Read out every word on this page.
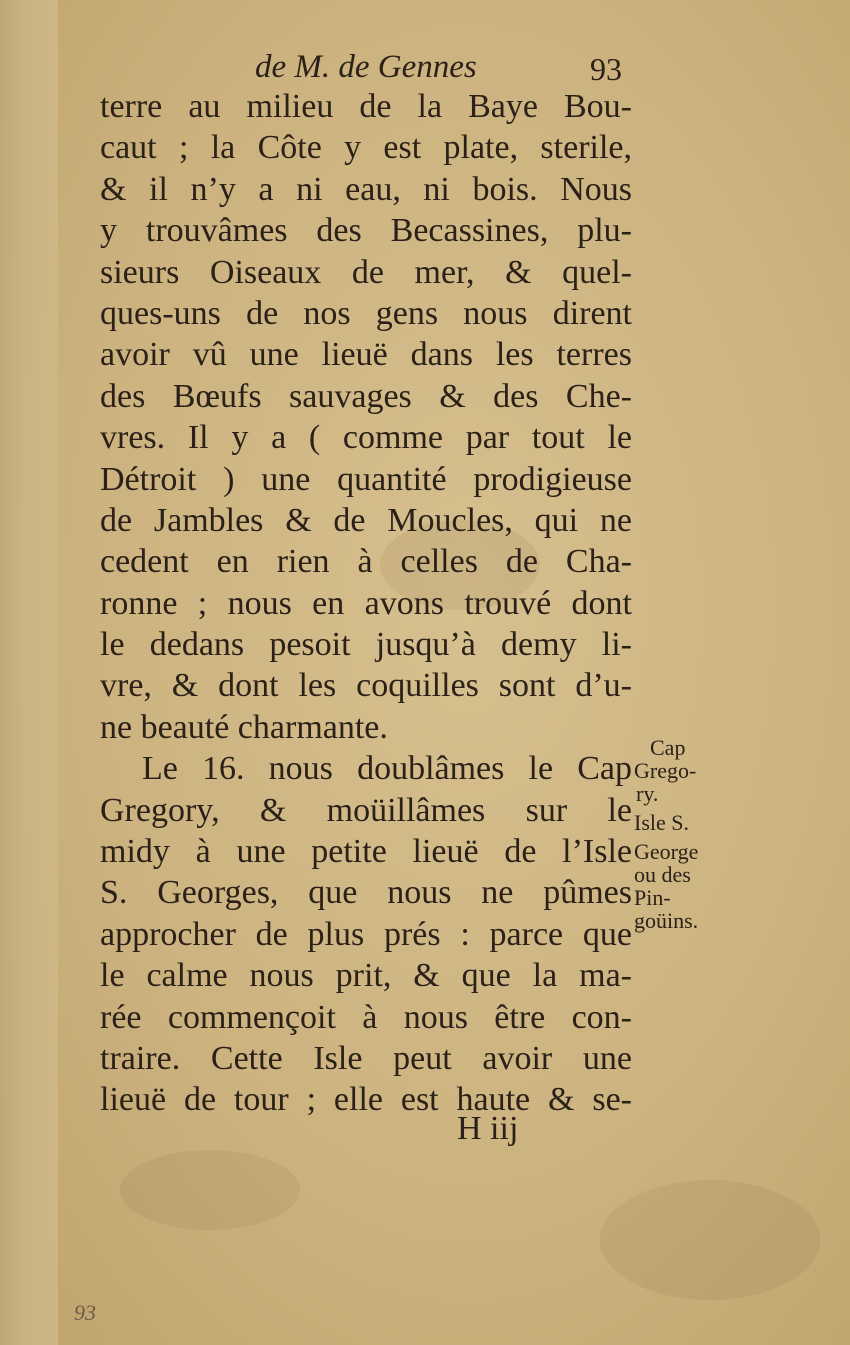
de M. de Gennes	93
terre au milieu de la Baye Bou-
caut ; la Côte y est plate, sterile,
& il n’y a ni eau, ni bois. Nous
y trouvâmes des Becassines, plu-
sieurs Oiseaux de mer, & quel-
ques-uns de nos gens nous dirent
avoir vû une lieuë dans les terres
des Bœufs sauvages & des Che-
vres. Il y a ( comme par tout le
Détroit ) une quantité prodigieuse
de Jambles & de Moucles, qui ne
cedent en rien à celles de Cha-
ronne ; nous en avons trouvé dont
le dedans pesoit jusqu’à demy li-
vre, & dont les coquilles sont d’u-
ne beauté charmante.
Le 16. nous doublâmes le Cap
Gregory, & moüillâmes sur le
midy à une petite lieuë de l’Isle
S. Georges, que nous ne pûmes
approcher de plus prés : parce que
le calme nous prit, & que la ma-
rée commençoit à nous être con-
traire. Cette Isle peut avoir une
lieuë de tour ; elle est haute & se-
Cap
Grego-
ry.
Isle S.
George
ou des
Pin-
goüins.
H iij
93
